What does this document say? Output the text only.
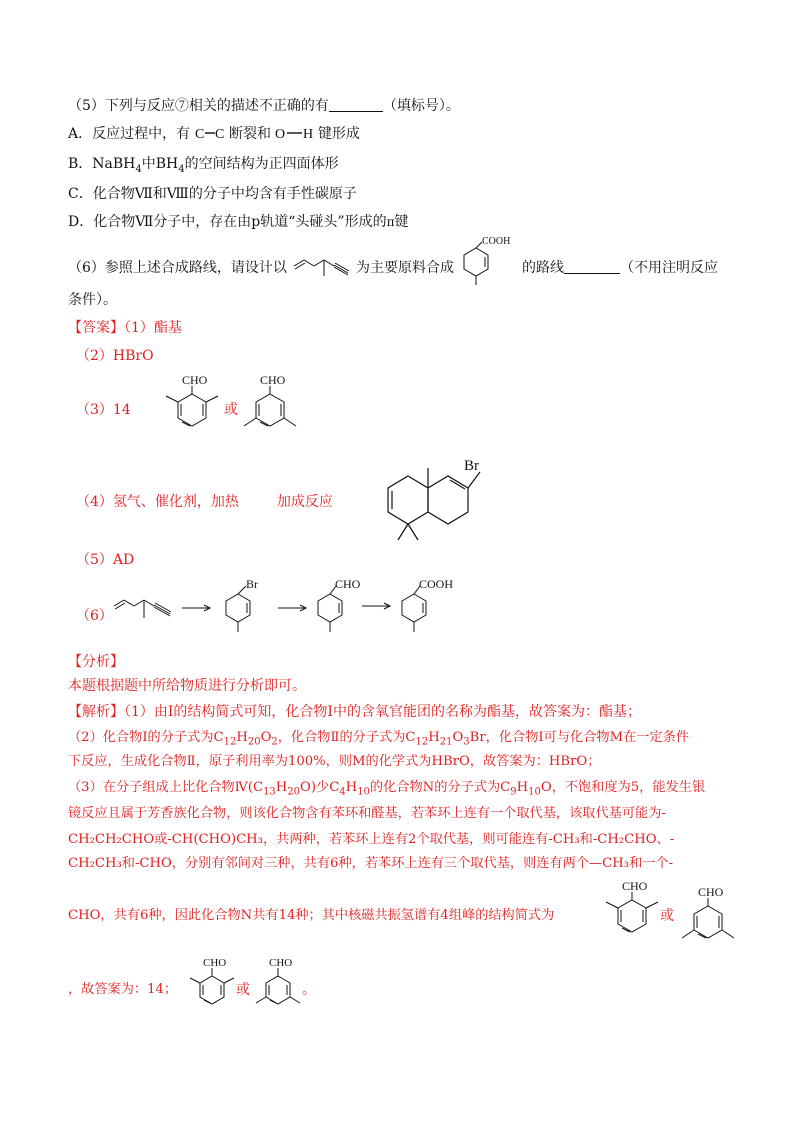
（5）下列与反应⑦相关的描述不正确的有	（填标号）。
A．反应过程中，有 C C 断裂和 O H 键形成
B．NaBH$_4$中$BH_4$的空间结构为正四面体形
C．化合物Ⅶ和Ⅷ的分子中均含有手性碳原子
D．化合物Ⅶ分子中，存在由p轨道“头碰头”形成的π键
（6）参照上述合成路线，请设计以	为主要原料合成
COOH
的路线	（不用注明反应
条件）。
【答案】（1）酯基
（2）HBrO
（3）14
CHO
或
CHO
（4）氢气、催化剂，加热	加成反应
Br
（5）AD
（6）
Br	CHO	COOH
【分析】
本题根据题中所给物质进行分析即可。
【解析】（1）由Ⅰ的结构简式可知，化合物Ⅰ中的含氧官能团的名称为酯基，故答案为：酯基；
（2）化合物Ⅰ的分子式为$C_{12}H_{20}O_2$，化合物Ⅱ的分子式为$C_{12}H_{21}O_3Br$，化合物Ⅰ可与化合物M在一定条件
下反应，生成化合物Ⅱ，原子利用率为100%，则M的化学式为HBrO，故答案为：HBrO；
（3）在分子组成上比化合物$Ⅳ(C_{13}H_{20}O)$少$C_4H_{10}$的化合物N的分子式为$C_9H_{10}O$，不饱和度为5，能发生银
镜反应且属于芳香族化合物，则该化合物含有苯环和醛基，若苯环上连有一个取代基，该取代基可能为-
CH₂CH₂CHO或-CH(CHO)CH₃，共两种，若苯环上连有2个取代基，则可能连有-CH₃和-CH₂CHO、-
CH₂CH₃和-CHO，分别有邻间对三种，共有6种，若苯环上连有三个取代基，则连有两个—CH₃和一个-
CHO，共有6种，因此化合物N共有14种；其中核磁共振氢谱有4组峰的结构简式为
CHO
或
CHO
，故答案为：14；
CHO
或
CHO
。
